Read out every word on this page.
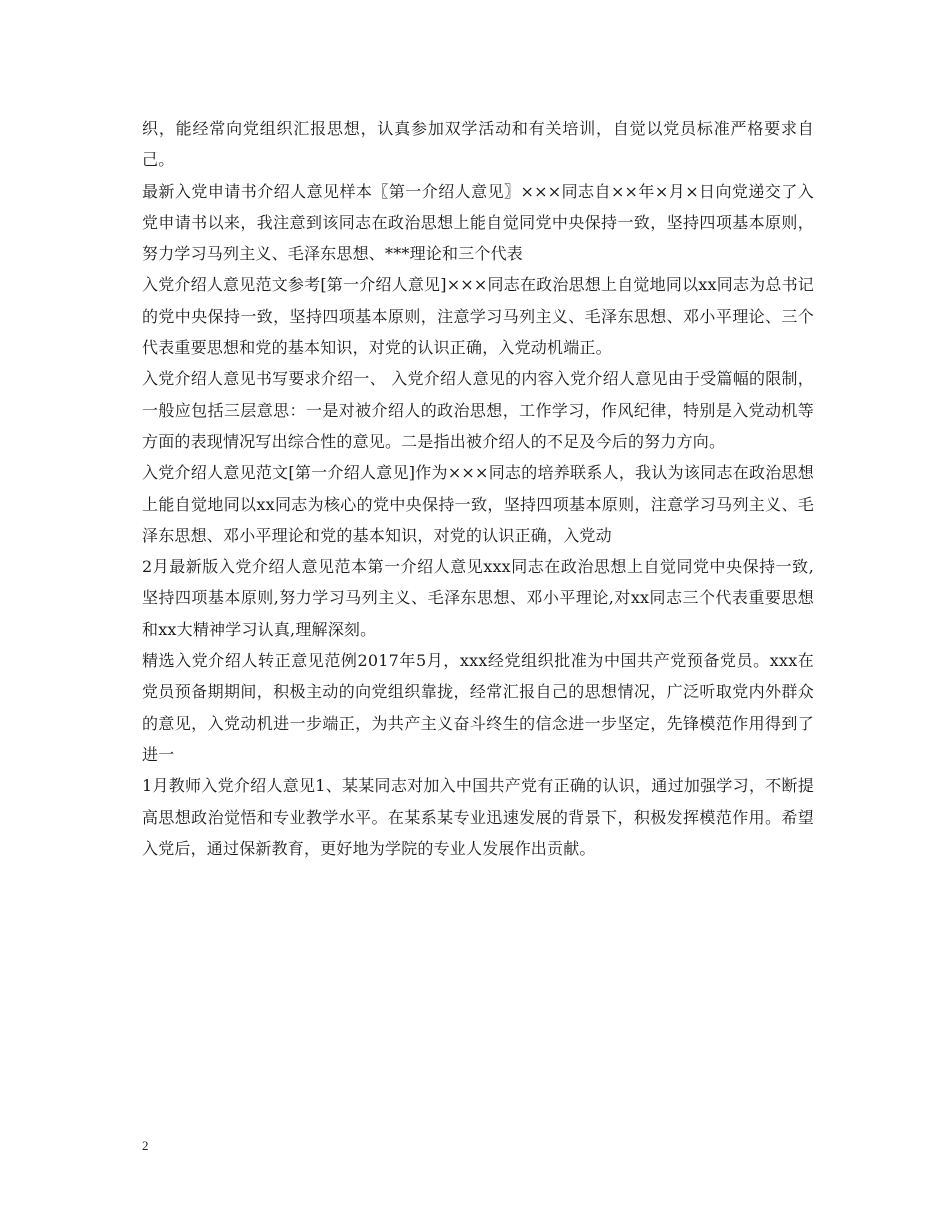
织，能经常向党组织汇报思想，认真参加双学活动和有关培训，自觉以党员标准严格要求自己。

最新入党申请书介绍人意见样本〖第一介绍人意见〗×××同志自××年×月×日向党递交了入党申请书以来，我注意到该同志在政治思想上能自觉同党中央保持一致，坚持四项基本原则，努力学习马列主义、毛泽东思想、***理论和三个代表

入党介绍人意见范文参考[第一介绍人意见]×××同志在政治思想上自觉地同以xx同志为总书记的党中央保持一致，坚持四项基本原则，注意学习马列主义、毛泽东思想、邓小平理论、三个代表重要思想和党的基本知识，对党的认识正确，入党动机端正。

入党介绍人意见书写要求介绍一、 入党介绍人意见的内容入党介绍人意见由于受篇幅的限制，一般应包括三层意思：一是对被介绍人的政治思想，工作学习，作风纪律，特别是入党动机等方面的表现情况写出综合性的意见。二是指出被介绍人的不足及今后的努力方向。

入党介绍人意见范文[第一介绍人意见]作为×××同志的培养联系人，我认为该同志在政治思想上能自觉地同以xx同志为核心的党中央保持一致，坚持四项基本原则，注意学习马列主义、毛泽东思想、邓小平理论和党的基本知识，对党的认识正确，入党动

2月最新版入党介绍人意见范本第一介绍人意见xxx同志在政治思想上自觉同党中央保持一致,坚持四项基本原则,努力学习马列主义、毛泽东思想、邓小平理论,对xx同志三个代表重要思想和xx大精神学习认真,理解深刻。

精选入党介绍人转正意见范例2017年5月，xxx经党组织批准为中国共产党预备党员。xxx在党员预备期期间，积极主动的向党组织靠拢，经常汇报自己的思想情况，广泛听取党内外群众的意见，入党动机进一步端正，为共产主义奋斗终生的信念进一步坚定，先锋模范作用得到了进一

1月教师入党介绍人意见1、某某同志对加入中国共产党有正确的认识，通过加强学习，不断提高思想政治觉悟和专业教学水平。在某系某专业迅速发展的背景下，积极发挥模范作用。希望入党后，通过保新教育，更好地为学院的专业人发展作出贡献。

2
